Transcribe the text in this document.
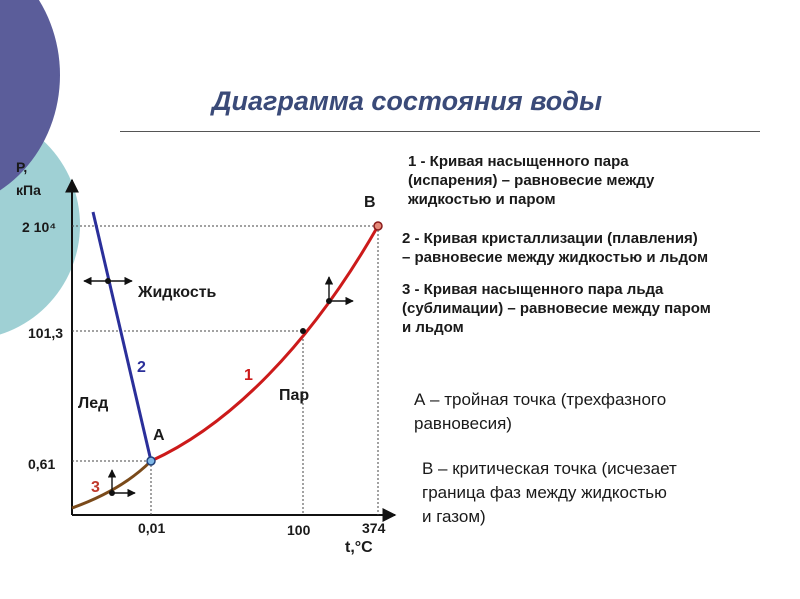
Диаграмма состояния воды
Р,
кПа
2 10⁴
101,3
0,61
0,01	100	374
t,°C
1
2
3
А
В
Жидкость
Лед	Пар
1 - Кривая насыщенного пара
(испарения) – равновесие между
жидкостью и паром
2 - Кривая кристаллизации (плавления)
– равновесие между жидкостью и льдом
3 - Кривая насыщенного пара льда
(сублимации) – равновесие между паром
и льдом
А – тройная точка (трехфазного
равновесия)
В – критическая точка (исчезает
граница фаз между жидкостью
и газом)
